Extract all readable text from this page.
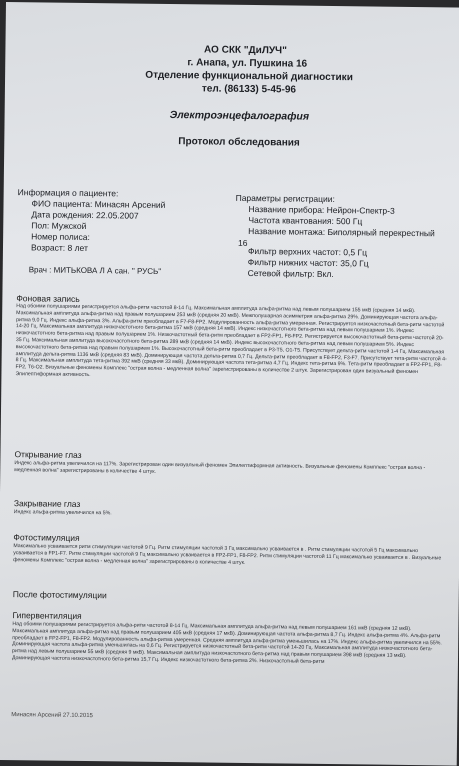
АО СКК "ДиЛУЧ"
г. Анапа, ул. Пушкина 16
Отделение функциональной диагностики
тел. (86133) 5-45-96
Электроэнцефалография
Протокол обследования
Информация о пациенте:
ФИО пациента: Минасян Арсений
Дата рождения: 22.05.2007
Пол: Мужской
Номер полиса:
Возраст: 8 лет
Врач : МИТЬКОВА Л А сан. " РУСЬ"
Параметры регистрации:
Название прибора: Нейрон-Спектр-3
Частота квантования: 500 Гц
Название монтажа: Биполярный перекрестный
16
Фильтр верхних частот: 0,5 Гц
Фильтр нижних частот: 35,0 Гц
Сетевой фильтр: Вкл.
Фоновая запись
Над обоими полушариями регистрируется альфа-ритм частотой 8-14 Гц. Максимальная амплитуда альфа-ритма над левым полушарием 155 мкВ (средняя 14 мкВ). Максимальная амплитуда альфа-ритма над правым полушарием 253 мкВ (средняя 20 мкВ). Межполушарная асимметрия альфа-ритма 29%. Доминирующая частота альфа-ритма 9,0 Гц. Индекс альфа-ритма 3%. Альфа-ритм преобладает в F7-F8-FP2. Модулированность альфа-ритма умеренная. Регистрируется низкочастотный бета-ритм частотой 14-20 Гц. Максимальная амплитуда низкочастотного бета-ритма 157 мкВ (средняя 14 мкВ). Индекс низкочастотного бета-ритма над левым полушарием 1%. Индекс низкочастотного бета-ритма над правым полушарием 1%. Низкочастотный бета-ритм преобладает в FP2-FP1, F8-FP2. Регистрируется высокочастотный бета-ритм частотой 20-35 Гц. Максимальная амплитуда высокочастотного бета-ритма 289 мкВ (средняя 14 мкВ). Индекс высокочастотного бета-ритма над левым полушарием 5%. Индекс высокочастотного бета-ритма над правым полушарием 1%. Высокочастотный бета-ритм преобладает в P3-T5, O1-T5. Присутствует дельта-ритм частотой 1-4 Гц. Максимальная амплитуда дельта-ритма 1136 мкВ (средняя 83 мкВ). Доминирующая частота дельта-ритма 0,7 Гц. Дельта-ритм преобладает в F8-FP2, F3-F7. Присутствует тета-ритм частотой 4-8 Гц. Максимальная амплитуда тета-ритма 392 мкВ (средняя 33 мкВ). Доминирующая частота тета-ритма 4,7 Гц. Индекс тета-ритма 9%. Тета-ритм преобладает в FP2-FP1, F8-FP2, T6-O2. Визуальные феномены Комплекс "острая волна - медленная волна" зарегистрированы в количестве 2 штук. Зарегистрирован один визуальный феномен Эпилептиформная активность.
Открывание глаз
Индекс альфа-ритма увеличился на 117%. Зарегистрирован один визуальный феномен Эпилептиформная активность. Визуальные феномены Комплекс "острая волна - медленная волна" зарегистрированы в количестве 4 штук.
Закрывание глаз
Индекс альфа-ритма увеличился на 5%.
Фотостимуляция
Максимально усваивается ритм стимуляции частотой 9 Гц. Ритм стимуляции частотой 3 Гц максимально усваивается в . Ритм стимуляции частотой 5 Гц максимально усваивается в FP1-F7. Ритм стимуляции частотой 9 Гц максимально усваивается в FP2-FP1, F8-FP2. Ритм стимуляции частотой 11 Гц максимально усваивается в . Визуальные феномены Комплекс "острая волна - медленная волна" зарегистрированы в количестве 4 штук.
После фотостимуляции
Гипервентиляция
Над обоими полушариями регистрируется альфа-ритм частотой 8-14 Гц. Максимальная амплитуда альфа-ритма над левым полушарием 161 мкВ (средняя 12 мкВ). Максимальная амплитуда альфа-ритма над правым полушарием 405 мкВ (средняя 17 мкВ). Доминирующая частота альфа-ритма 8,7 Гц. Индекс альфа-ритма 4%. Альфа-ритм преобладает в FP2-FP1, F8-FP2. Модулированность альфа-ритма умеренная. Средняя амплитуда альфа-ритма уменьшилась на 17%. Индекс альфа-ритма увеличился на 55%. Доминирующая частота альфа-ритма уменьшилась на 0,6 Гц. Регистрируется низкочастотный бета-ритм частотой 14-20 Гц. Максимальная амплитуда низкочастотного бета-ритма над левым полушарием 55 мкВ (средняя 9 мкВ). Максимальная амплитуда низкочастотного бета-ритма над правым полушарием 398 мкВ (средняя 13 мкВ). Доминирующая частота низкочастотного бета-ритма 15,7 Гц. Индекс низкочастотного бета-ритма 2%. Низкочастотный бета-ритм
Минасян Арсений 27.10.2015
